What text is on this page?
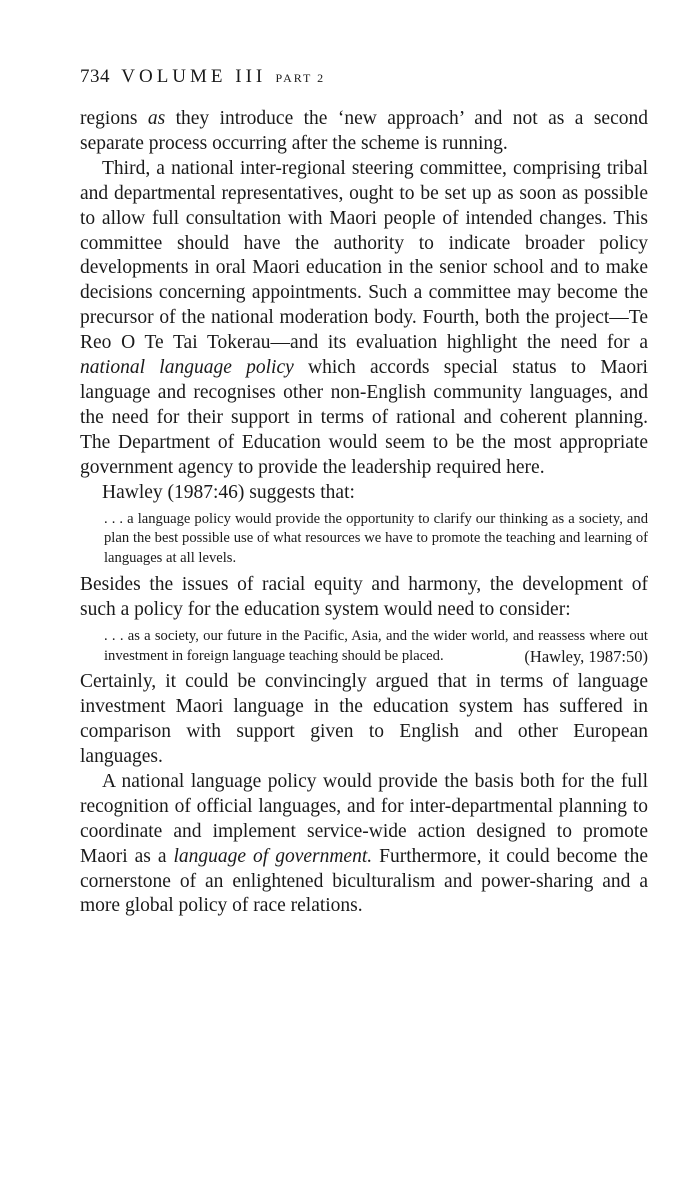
734 VOLUME III PART 2

regions as they introduce the ‘new approach’ and not as a second separate process occurring after the scheme is running.

Third, a national inter-regional steering committee, comprising tribal and departmental representatives, ought to be set up as soon as possible to allow full consultation with Maori people of intended changes. This committee should have the authority to indicate broader policy developments in oral Maori education in the senior school and to make decisions concerning appointments. Such a committee may become the precursor of the national moderation body. Fourth, both the project—Te Reo O Te Tai Tokerau—and its evaluation highlight the need for a national language policy which accords special status to Maori language and recognises other non-English community languages, and the need for their support in terms of rational and coherent planning. The Department of Education would seem to be the most appropriate government agency to provide the leadership required here.

Hawley (1987:46) suggests that:

. . . a language policy would provide the opportunity to clarify our thinking as a society, and plan the best possible use of what resources we have to promote the teaching and learning of languages at all levels.

Besides the issues of racial equity and harmony, the development of such a policy for the education system would need to consider:

. . . as a society, our future in the Pacific, Asia, and the wider world, and reassess where out investment in foreign language teaching should be placed.	(Hawley, 1987:50)

Certainly, it could be convincingly argued that in terms of language investment Maori language in the education system has suffered in comparison with support given to English and other European languages.

A national language policy would provide the basis both for the full recognition of official languages, and for inter-departmental planning to coordinate and implement service-wide action designed to promote Maori as a language of government. Furthermore, it could become the cornerstone of an enlightened biculturalism and power-sharing and a more global policy of race relations.
